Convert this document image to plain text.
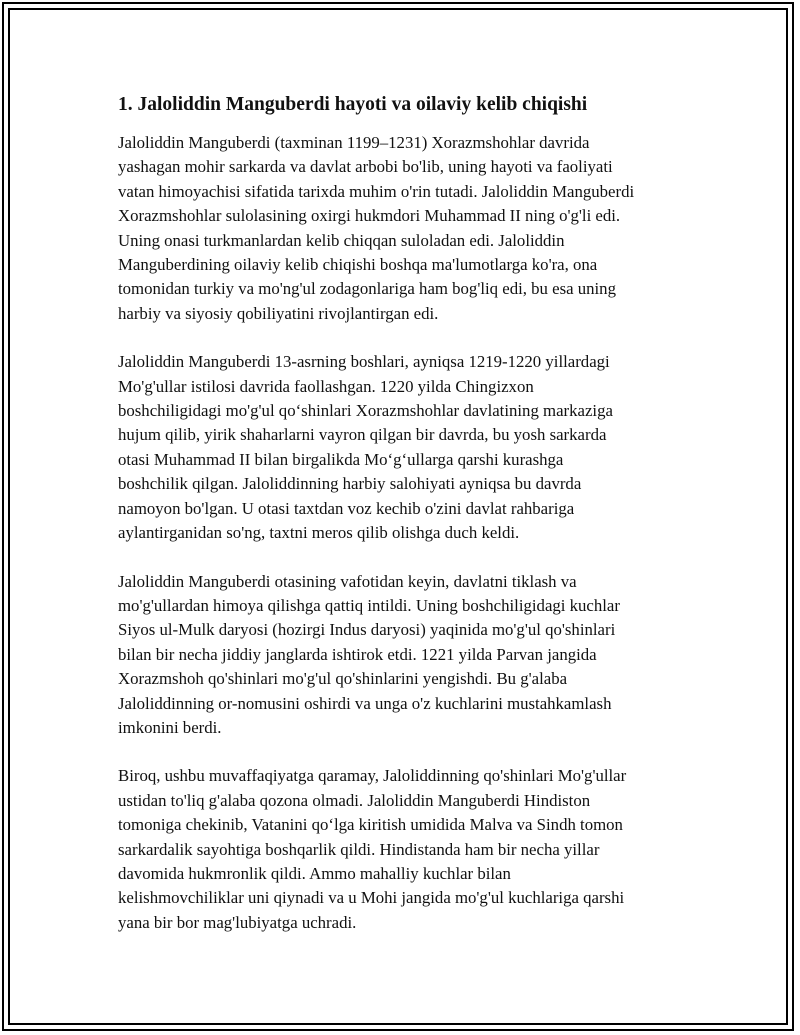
1. Jaloliddin Manguberdi hayoti va oilaviy kelib chiqishi

Jaloliddin Manguberdi (taxminan 1199–1231) Xorazmshohlar davrida
yashagan mohir sarkarda va davlat arbobi bo'lib, uning hayoti va faoliyati
vatan himoyachisi sifatida tarixda muhim o'rin tutadi. Jaloliddin Manguberdi
Xorazmshohlar sulolasining oxirgi hukmdori Muhammad II ning o'g'li edi.
Uning onasi turkmanlardan kelib chiqqan suloladan edi. Jaloliddin
Manguberdining oilaviy kelib chiqishi boshqa ma'lumotlarga ko'ra, ona
tomonidan turkiy va mo'ng'ul zodagonlariga ham bog'liq edi, bu esa uning
harbiy va siyosiy qobiliyatini rivojlantirgan edi.

Jaloliddin Manguberdi 13-asrning boshlari, ayniqsa 1219-1220 yillardagi
Mo'g'ullar istilosi davrida faollashgan. 1220 yilda Chingizxon
boshchiligidagi mo'g'ul qo‘shinlari Xorazmshohlar davlatining markaziga
hujum qilib, yirik shaharlarni vayron qilgan bir davrda, bu yosh sarkarda
otasi Muhammad II bilan birgalikda Mo‘g‘ullarga qarshi kurashga
boshchilik qilgan. Jaloliddinning harbiy salohiyati ayniqsa bu davrda
namoyon bo'lgan. U otasi taxtdan voz kechib o'zini davlat rahbariga
aylantirganidan so'ng, taxtni meros qilib olishga duch keldi.

Jaloliddin Manguberdi otasining vafotidan keyin, davlatni tiklash va
mo'g'ullardan himoya qilishga qattiq intildi. Uning boshchiligidagi kuchlar
Siyos ul-Mulk daryosi (hozirgi Indus daryosi) yaqinida mo'g'ul qo'shinlari
bilan bir necha jiddiy janglarda ishtirok etdi. 1221 yilda Parvan jangida
Xorazmshoh qo'shinlari mo'g'ul qo'shinlarini yengishdi. Bu g'alaba
Jaloliddinning or-nomusini oshirdi va unga o'z kuchlarini mustahkamlash
imkonini berdi.

Biroq, ushbu muvaffaqiyatga qaramay, Jaloliddinning qo'shinlari Mo'g'ullar
ustidan to'liq g'alaba qozona olmadi. Jaloliddin Manguberdi Hindiston
tomoniga chekinib, Vatanini qo‘lga kiritish umidida Malva va Sindh tomon
sarkardalik sayohtiga boshqarlik qildi. Hindistanda ham bir necha yillar
davomida hukmronlik qildi. Ammo mahalliy kuchlar bilan
kelishmovchiliklar uni qiynadi va u Mohi jangida mo'g'ul kuchlariga qarshi
yana bir bor mag'lubiyatga uchradi.
